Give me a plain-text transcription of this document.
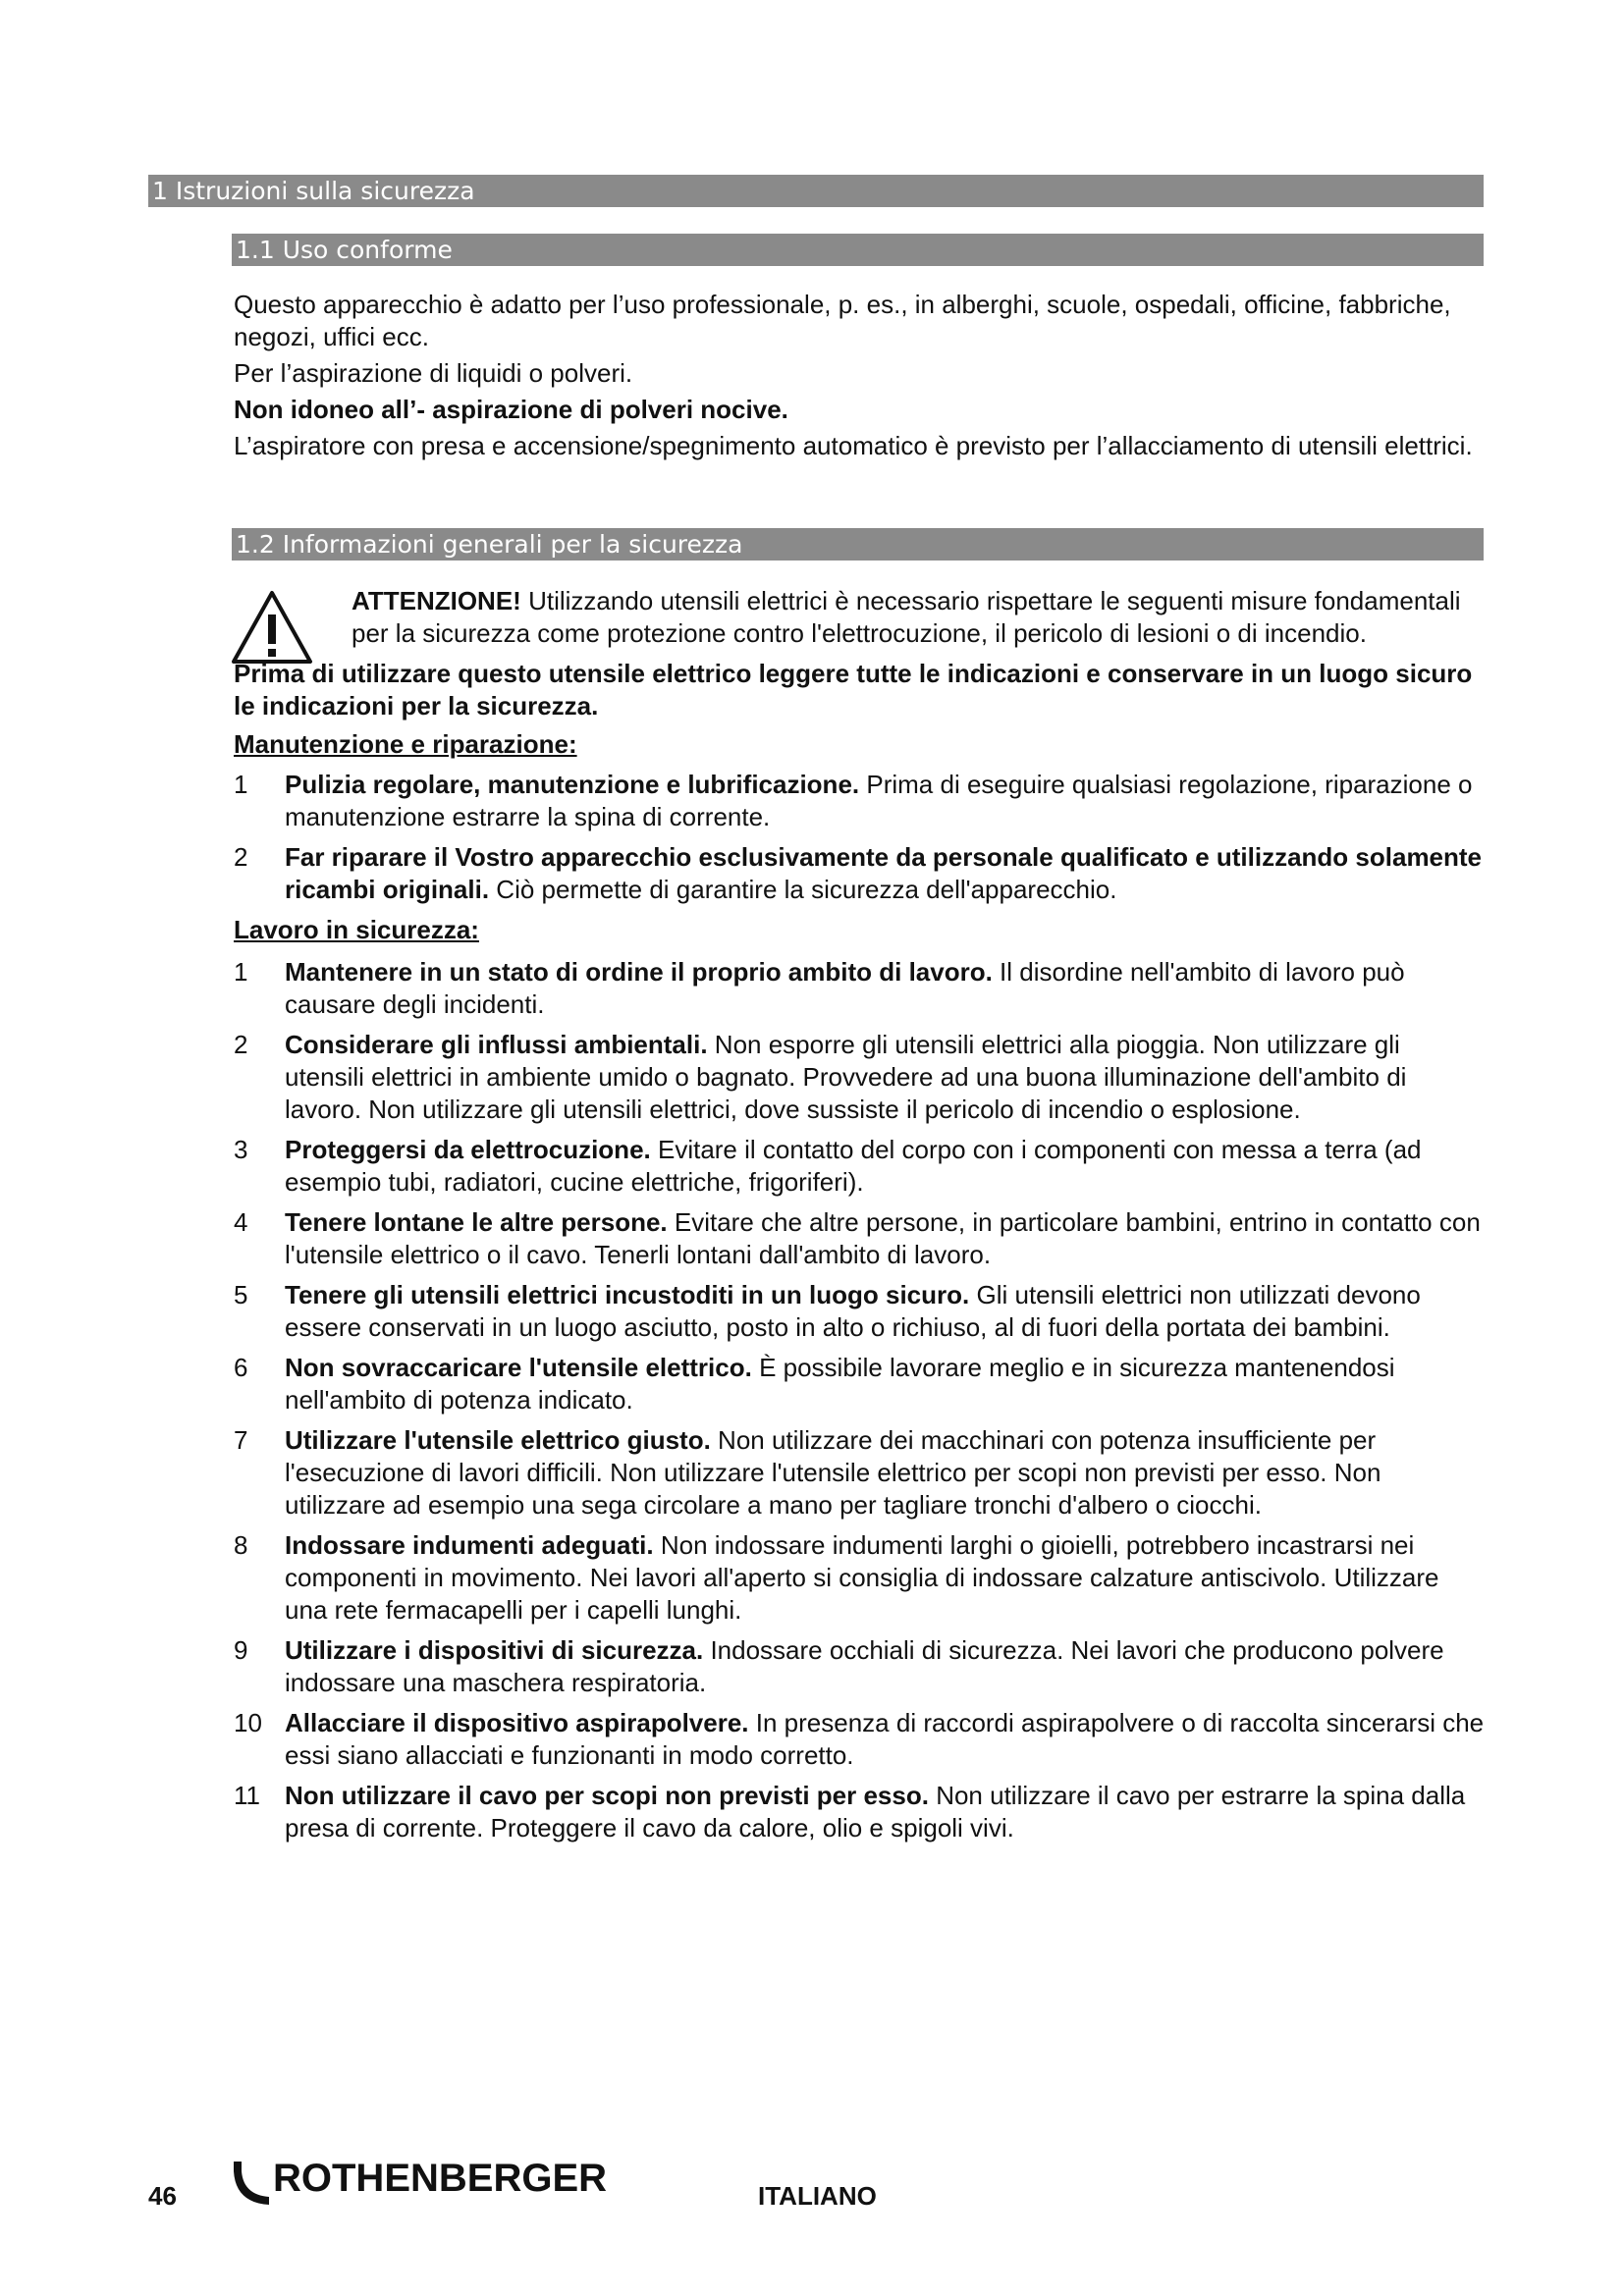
1 Istruzioni sulla sicurezza
1.1 Uso conforme

Questo apparecchio è adatto per l’uso professionale, p. es., in alberghi, scuole, ospedali, officine, fabbriche, negozi, uffici ecc.

Per l’aspirazione di liquidi o polveri.

Non idoneo all’- aspirazione di polveri nocive.

L’aspiratore con presa e accensione/spegnimento automatico è previsto per l’allacciamento di utensili elettrici.

1.2 Informazioni generali per la sicurezza
ATTENZIONE! Utilizzando utensili elettrici è necessario rispettare le seguenti misure fondamentali per la sicurezza come protezione contro l'elettrocuzione, il pericolo di lesioni o di incendio.

Prima di utilizzare questo utensile elettrico leggere tutte le indicazioni e conservare in un luogo sicuro le indicazioni per la sicurezza.

Manutenzione e riparazione:
1	Pulizia regolare, manutenzione e lubrificazione. Prima di eseguire qualsiasi regolazione, riparazione o manutenzione estrarre la spina di corrente.
2	Far riparare il Vostro apparecchio esclusivamente da personale qualificato e utilizzando solamente ricambi originali. Ciò permette di garantire la sicurezza dell'apparecchio.
Lavoro in sicurezza:
1	Mantenere in un stato di ordine il proprio ambito di lavoro. Il disordine nell'ambito di lavoro può causare degli incidenti.
2	Considerare gli influssi ambientali. Non esporre gli utensili elettrici alla pioggia. Non utilizzare gli utensili elettrici in ambiente umido o bagnato. Provvedere ad una buona illuminazione dell'ambito di lavoro. Non utilizzare gli utensili elettrici, dove sussiste il pericolo di incendio o esplosione.
3	Proteggersi da elettrocuzione. Evitare il contatto del corpo con i componenti con messa a terra (ad esempio tubi, radiatori, cucine elettriche, frigoriferi).
4	Tenere lontane le altre persone. Evitare che altre persone, in particolare bambini, entrino in contatto con l'utensile elettrico o il cavo. Tenerli lontani dall'ambito di lavoro.
5	Tenere gli utensili elettrici incustoditi in un luogo sicuro. Gli utensili elettrici non utilizzati devono essere conservati in un luogo asciutto, posto in alto o richiuso, al di fuori della portata dei bambini.
6	Non sovraccaricare l'utensile elettrico. È possibile lavorare meglio e in sicurezza mantenendosi nell'ambito di potenza indicato.
7	Utilizzare l'utensile elettrico giusto. Non utilizzare dei macchinari con potenza insufficiente per l'esecuzione di lavori difficili. Non utilizzare l'utensile elettrico per scopi non previsti per esso. Non utilizzare ad esempio una sega circolare a mano per tagliare tronchi d'albero o ciocchi.
8	Indossare indumenti adeguati. Non indossare indumenti larghi o gioielli, potrebbero incastrarsi nei componenti in movimento. Nei lavori all'aperto si consiglia di indossare calzature antiscivolo. Utilizzare una rete fermacapelli per i capelli lunghi.
9	Utilizzare i dispositivi di sicurezza. Indossare occhiali di sicurezza. Nei lavori che producono polvere indossare una maschera respiratoria.
10 Allacciare il dispositivo aspirapolvere. In presenza di raccordi aspirapolvere o di raccolta sincerarsi che essi siano allacciati e funzionanti in modo corretto.
11 Non utilizzare il cavo per scopi non previsti per esso. Non utilizzare il cavo per estrarre la spina dalla presa di corrente. Proteggere il cavo da calore, olio e spigoli vivi.
46 ROTHENBERGER	ITALIANO
